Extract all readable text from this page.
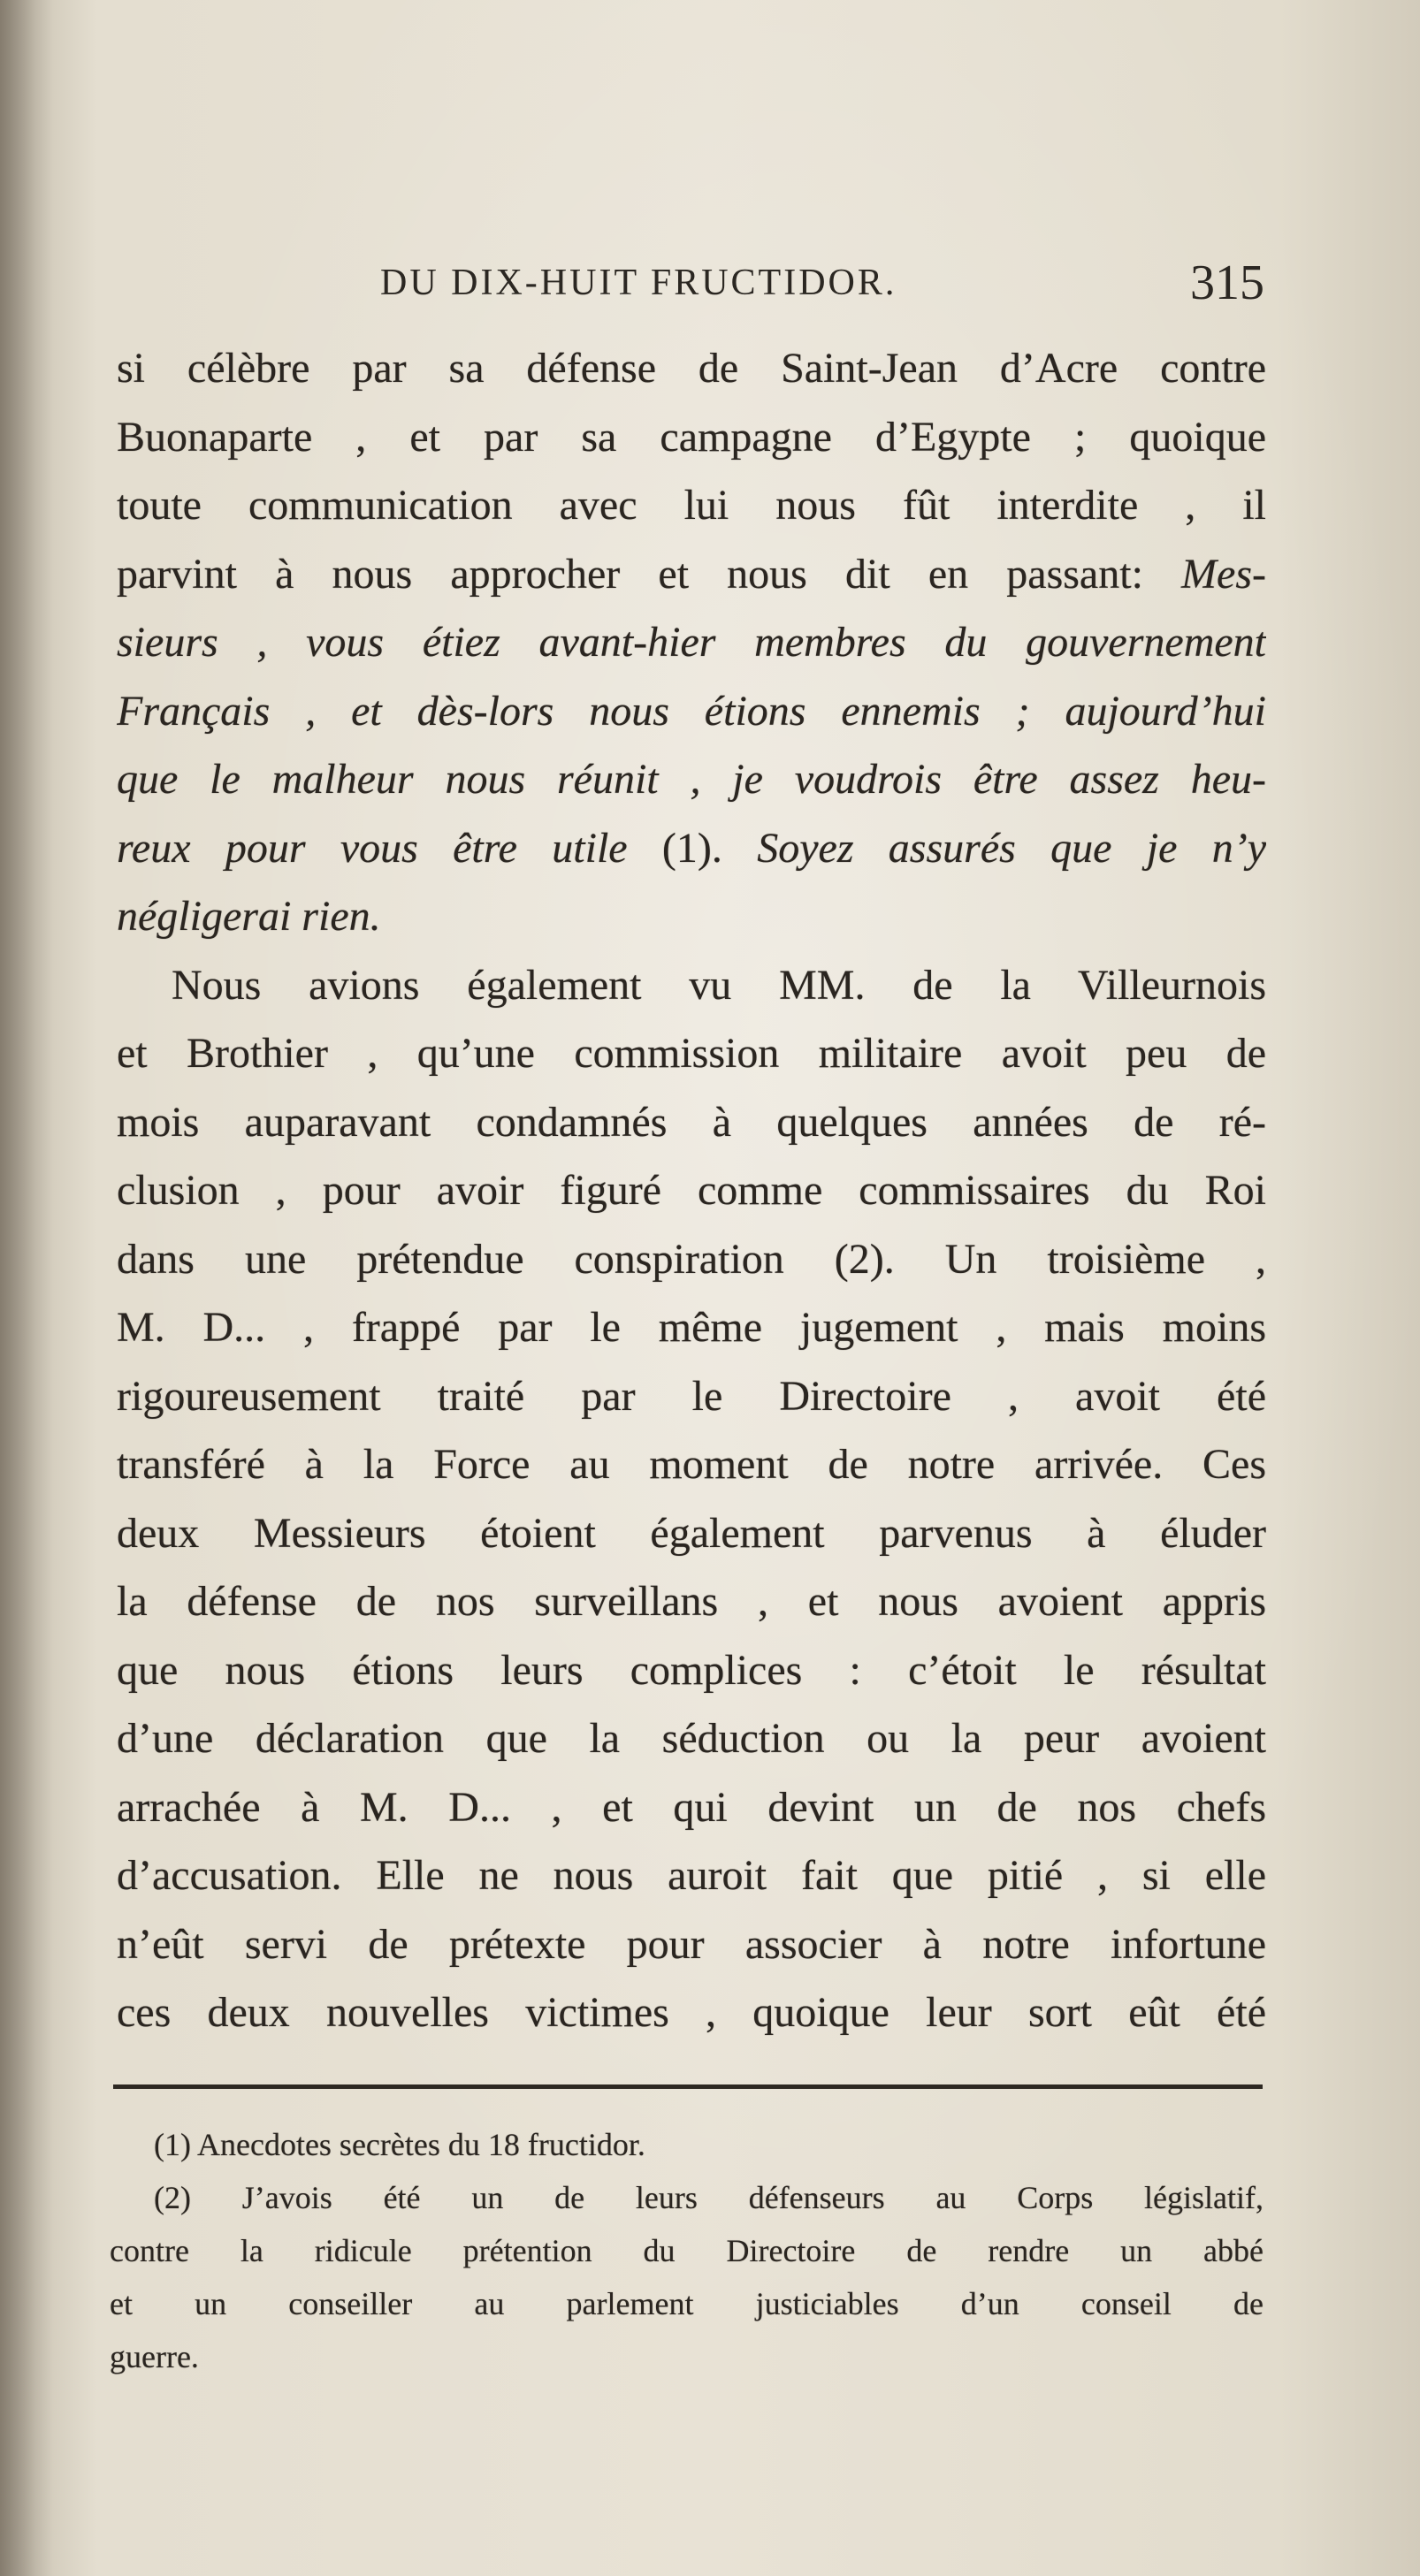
DU DIX-HUIT FRUCTIDOR.	315
si célèbre par sa défense de Saint-Jean d’Acre contre
Buonaparte , et par sa campagne d’Egypte ; quoique
toute communication avec lui nous fût interdite , il
parvint à nous approcher et nous dit en passant: Mes-
sieurs , vous étiez avant-hier membres du gouvernement
Français , et dès-lors nous étions ennemis ; aujourd’hui
que le malheur nous réunit , je voudrois être assez heu-
reux pour vous être utile (1). Soyez assurés que je n’y
négligerai rien.
Nous avions également vu MM. de la Villeurnois
et Brothier , qu’une commission militaire avoit peu de
mois auparavant condamnés à quelques années de ré-
clusion , pour avoir figuré comme commissaires du Roi
dans une prétendue conspiration (2). Un troisième ,
M. D... , frappé par le même jugement , mais moins
rigoureusement traité par le Directoire , avoit été
transféré à la Force au moment de notre arrivée. Ces
deux Messieurs étoient également parvenus à éluder
la défense de nos surveillans , et nous avoient appris
que nous étions leurs complices : c’étoit le résultat
d’une déclaration que la séduction ou la peur avoient
arrachée à M. D... , et qui devint un de nos chefs
d’accusation. Elle ne nous auroit fait que pitié , si elle
n’eût servi de prétexte pour associer à notre infortune
ces deux nouvelles victimes , quoique leur sort eût été
(1) Anecdotes secrètes du 18 fructidor.
(2) J’avois été un de leurs défenseurs au Corps législatif,
contre la ridicule prétention du Directoire de rendre un abbé
et un conseiller au parlement justiciables d’un conseil de
guerre.
